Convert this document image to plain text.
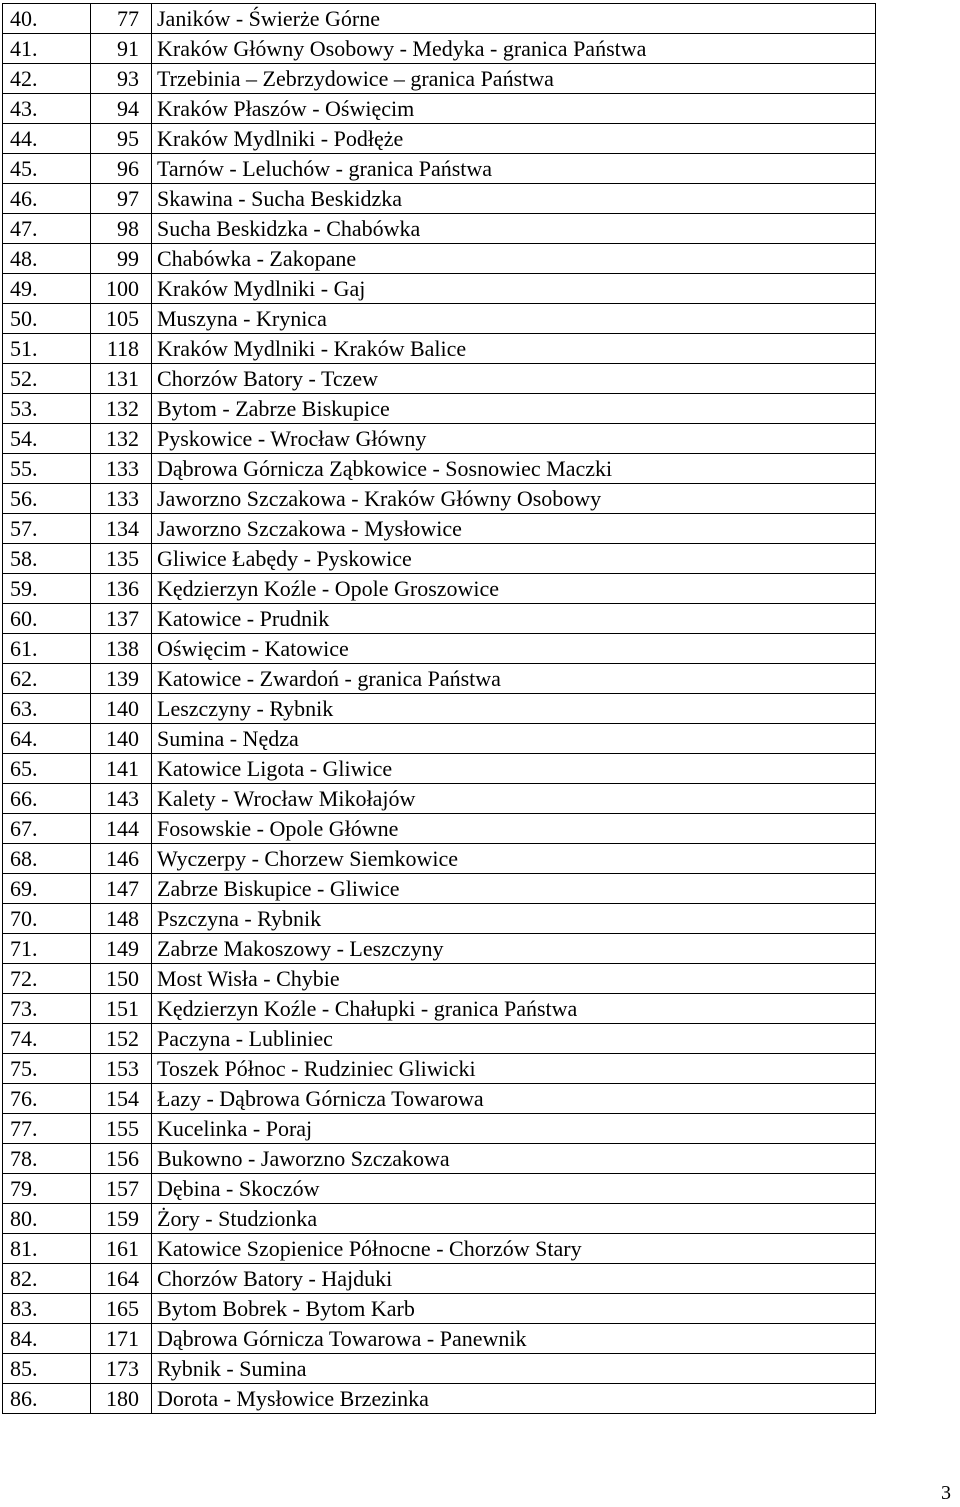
40.	77	Janików - Świerże Górne
41.	91	Kraków Główny Osobowy - Medyka - granica Państwa
42.	93	Trzebinia – Zebrzydowice – granica Państwa
43.	94	Kraków Płaszów - Oświęcim
44.	95	Kraków Mydlniki - Podłęże
45.	96	Tarnów - Leluchów - granica Państwa
46.	97	Skawina - Sucha Beskidzka
47.	98	Sucha Beskidzka - Chabówka
48.	99	Chabówka - Zakopane
49.	100	Kraków Mydlniki - Gaj
50.	105	Muszyna - Krynica
51.	118	Kraków Mydlniki - Kraków Balice
52.	131	Chorzów Batory - Tczew
53.	132	Bytom - Zabrze Biskupice
54.	132	Pyskowice - Wrocław Główny
55.	133	Dąbrowa Górnicza Ząbkowice - Sosnowiec Maczki
56.	133	Jaworzno Szczakowa - Kraków Główny Osobowy
57.	134	Jaworzno Szczakowa - Mysłowice
58.	135	Gliwice Łabędy - Pyskowice
59.	136	Kędzierzyn Koźle - Opole Groszowice
60.	137	Katowice - Prudnik
61.	138	Oświęcim - Katowice
62.	139	Katowice - Zwardoń - granica Państwa
63.	140	Leszczyny - Rybnik
64.	140	Sumina - Nędza
65.	141	Katowice Ligota - Gliwice
66.	143	Kalety - Wrocław Mikołajów
67.	144	Fosowskie - Opole Główne
68.	146	Wyczerpy - Chorzew Siemkowice
69.	147	Zabrze Biskupice - Gliwice
70.	148	Pszczyna - Rybnik
71.	149	Zabrze Makoszowy - Leszczyny
72.	150	Most Wisła - Chybie
73.	151	Kędzierzyn Koźle - Chałupki - granica Państwa
74.	152	Paczyna - Lubliniec
75.	153	Toszek Północ - Rudziniec Gliwicki
76.	154	Łazy - Dąbrowa Górnicza Towarowa
77.	155	Kucelinka - Poraj
78.	156	Bukowno - Jaworzno Szczakowa
79.	157	Dębina - Skoczów
80.	159	Żory - Studzionka
81.	161	Katowice Szopienice Północne - Chorzów Stary
82.	164	Chorzów Batory - Hajduki
83.	165	Bytom Bobrek - Bytom Karb
84.	171	Dąbrowa Górnicza Towarowa - Panewnik
85.	173	Rybnik - Sumina
86.	180	Dorota - Mysłowice Brzezinka
3
